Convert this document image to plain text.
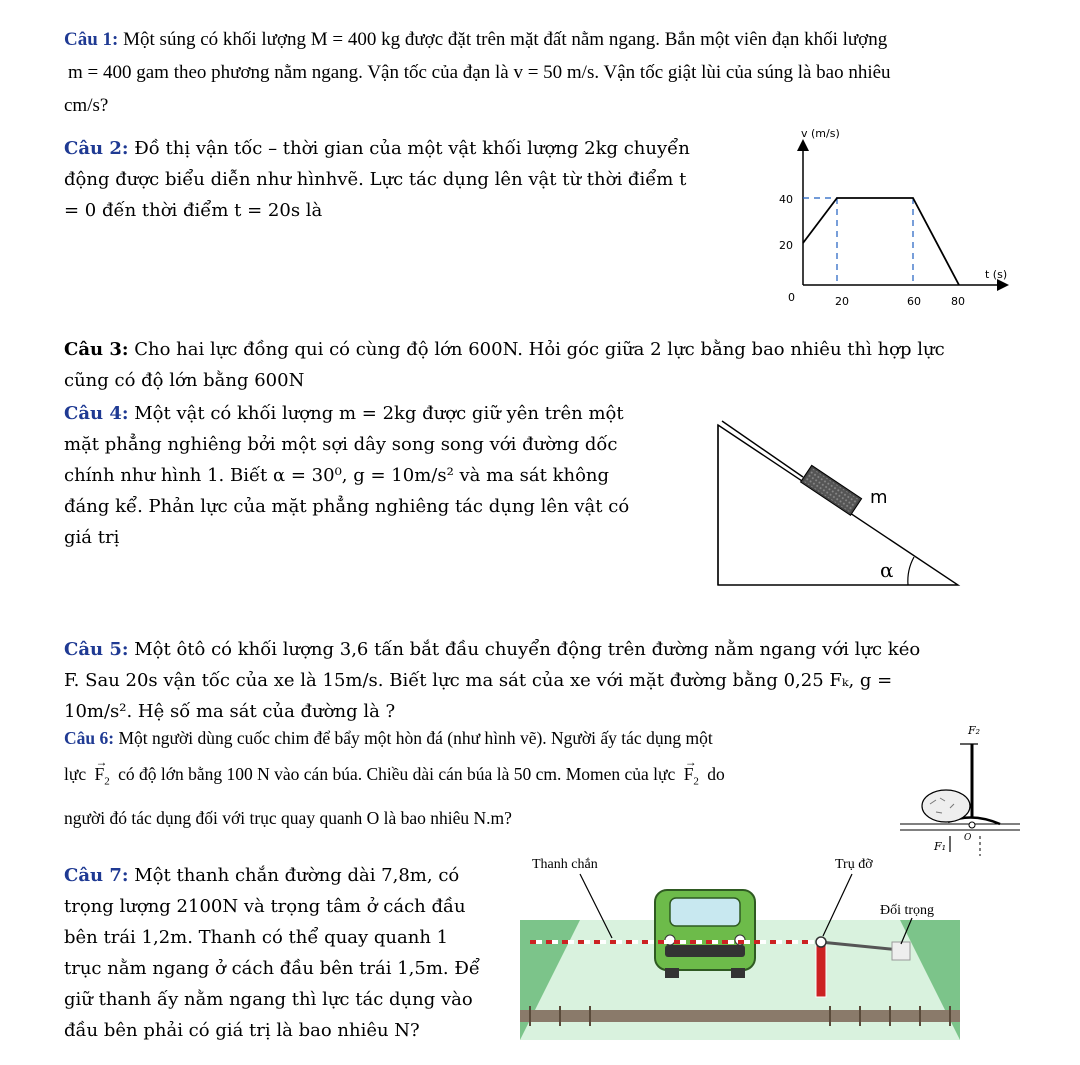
Câu 1: Một súng có khối lượng M = 400 kg được đặt trên mặt đất nằm ngang. Bắn một viên đạn khối lượng
m = 400 gam theo phương nằm ngang. Vận tốc của đạn là v = 50 m/s. Vận tốc giật lùi của súng là bao nhiêu
cm/s?
Câu 2: Đồ thị vận tốc – thời gian của một vật khối lượng 2kg chuyển
động được biểu diễn như hìnhvẽ. Lực tác dụng lên vật từ thời điểm t
= 0 đến thời điểm t = 20s là
v (m/s)
t (s)
0
40
20
20	60	80
Câu 3: Cho hai lực đồng qui có cùng độ lớn 600N. Hỏi góc giữa 2 lực bằng bao nhiêu thì hợp lực
cũng có độ lớn bằng 600N
Câu 4: Một vật có khối lượng m = 2kg được giữ yên trên một
mặt phẳng nghiêng bởi một sợi dây song song với đường dốc
chính như hình 1. Biết α = 30⁰, g = 10m/s² và ma sát không
đáng kể. Phản lực của mặt phẳng nghiêng tác dụng lên vật có
giá trị
m
α
Câu 5: Một ôtô có khối lượng 3,6 tấn bắt đầu chuyển động trên đường nằm ngang với lực kéo
F. Sau 20s vận tốc của xe là 15m/s. Biết lực ma sát của xe với mặt đường bằng 0,25 Fₖ, g =
10m/s². Hệ số ma sát của đường là ?
Câu 6: Một người dùng cuốc chim để bẩy một hòn đá (như hình vẽ). Người ấy tác dụng một
lực
→
$F_2$ có độ lớn bằng 100 N vào cán búa. Chiều dài cán búa là 50 cm. Momen của lực
→
$F_2$ do
người đó tác dụng đối với trục quay quanh O là bao nhiêu N.m?
F₂
O
F₁
Câu 7: Một thanh chắn đường dài 7,8m, có
trọng lượng 2100N và trọng tâm ở cách đầu
bên trái 1,2m. Thanh có thể quay quanh 1
trục nằm ngang ở cách đầu bên trái 1,5m. Để
giữ thanh ấy nằm ngang thì lực tác dụng vào
đầu bên phải có giá trị là bao nhiêu N?
Thanh chắn	Trụ đỡ
Đối trọng
